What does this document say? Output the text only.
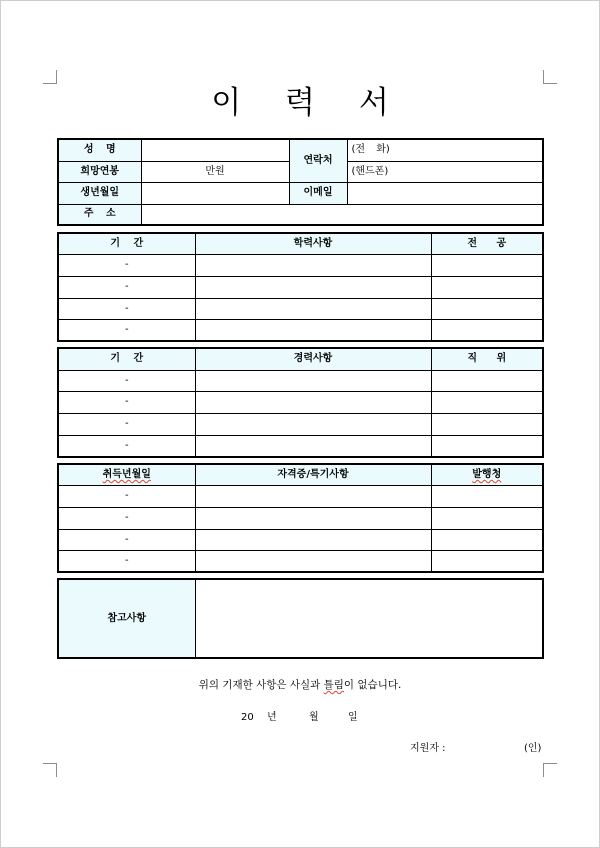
이 력 서
성 명		연락처	(전 화)
희망연봉	만원		(핸드폰)
생년월일		이메일	
주 소			
기 간	학력사항	전 공
-		
-		
-		
-		
기 간	경력사항	직 위
-		
-		
-		
-		
취득년월일	자격증/특기사항	발행청
-		
-		
-		
-		
참고사항	
위의 기재한 사항은 사실과 틀림이 없습니다.
20 년	월	일
지원자 :	(인)
